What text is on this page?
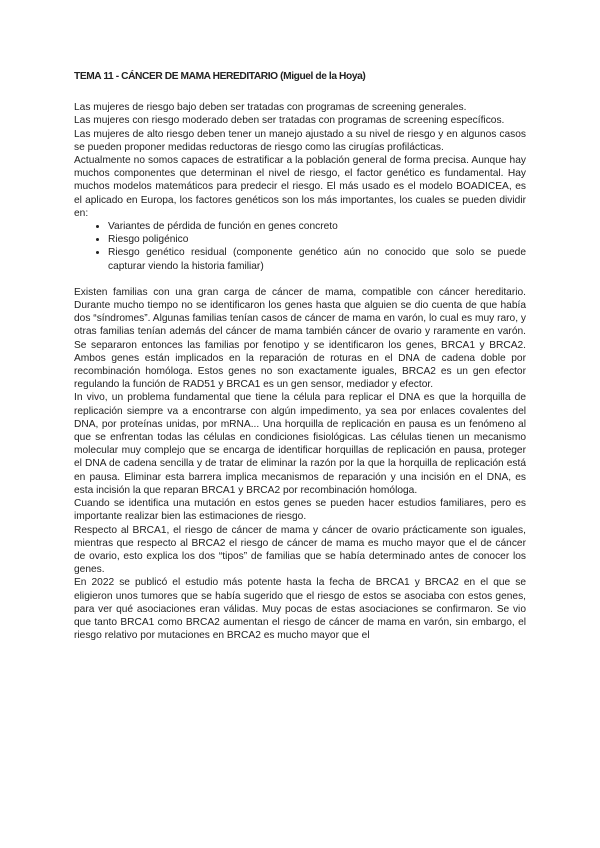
TEMA 11 - CÁNCER DE MAMA HEREDITARIO (Miguel de la Hoya)

Las mujeres de riesgo bajo deben ser tratadas con programas de screening generales.

Las mujeres con riesgo moderado deben ser tratadas con programas de screening específicos.

Las mujeres de alto riesgo deben tener un manejo ajustado a su nivel de riesgo y en algunos casos se pueden proponer medidas reductoras de riesgo como las cirugías profilácticas.

Actualmente no somos capaces de estratificar a la población general de forma precisa. Aunque hay muchos componentes que determinan el nivel de riesgo, el factor genético es fundamental. Hay muchos modelos matemáticos para predecir el riesgo. El más usado es el modelo BOADICEA, es el aplicado en Europa, los factores genéticos son los más importantes, los cuales se pueden dividir en:

• Variantes de pérdida de función en genes concreto
• Riesgo poligénico
• Riesgo genético residual (componente genético aún no conocido que solo se puede capturar viendo la historia familiar)

Existen familias con una gran carga de cáncer de mama, compatible con cáncer hereditario. Durante mucho tiempo no se identificaron los genes hasta que alguien se dio cuenta de que había dos “síndromes”. Algunas familias tenían casos de cáncer de mama en varón, lo cual es muy raro, y otras familias tenían además del cáncer de mama también cáncer de ovario y raramente en varón. Se separaron entonces las familias por fenotipo y se identificaron los genes, BRCA1 y BRCA2. Ambos genes están implicados en la reparación de roturas en el DNA de cadena doble por recombinación homóloga. Estos genes no son exactamente iguales, BRCA2 es un gen efector regulando la función de RAD51 y BRCA1 es un gen sensor, mediador y efector.

In vivo, un problema fundamental que tiene la célula para replicar el DNA es que la horquilla de replicación siempre va a encontrarse con algún impedimento, ya sea por enlaces covalentes del DNA, por proteínas unidas, por mRNA... Una horquilla de replicación en pausa es un fenómeno al que se enfrentan todas las células en condiciones fisiológicas. Las células tienen un mecanismo molecular muy complejo que se encarga de identificar horquillas de replicación en pausa, proteger el DNA de cadena sencilla y de tratar de eliminar la razón por la que la horquilla de replicación está en pausa. Eliminar esta barrera implica mecanismos de reparación y una incisión en el DNA, es esta incisión la que reparan BRCA1 y BRCA2 por recombinación homóloga.

Cuando se identifica una mutación en estos genes se pueden hacer estudios familiares, pero es importante realizar bien las estimaciones de riesgo.

Respecto al BRCA1, el riesgo de cáncer de mama y cáncer de ovario prácticamente son iguales, mientras que respecto al BRCA2 el riesgo de cáncer de mama es mucho mayor que el de cáncer de ovario, esto explica los dos “tipos” de familias que se había determinado antes de conocer los genes.

En 2022 se publicó el estudio más potente hasta la fecha de BRCA1 y BRCA2 en el que se eligieron unos tumores que se había sugerido que el riesgo de estos se asociaba con estos genes, para ver qué asociaciones eran válidas. Muy pocas de estas asociaciones se confirmaron. Se vio que tanto BRCA1 como BRCA2 aumentan el riesgo de cáncer de mama en varón, sin embargo, el riesgo relativo por mutaciones en BRCA2 es mucho mayor que el
